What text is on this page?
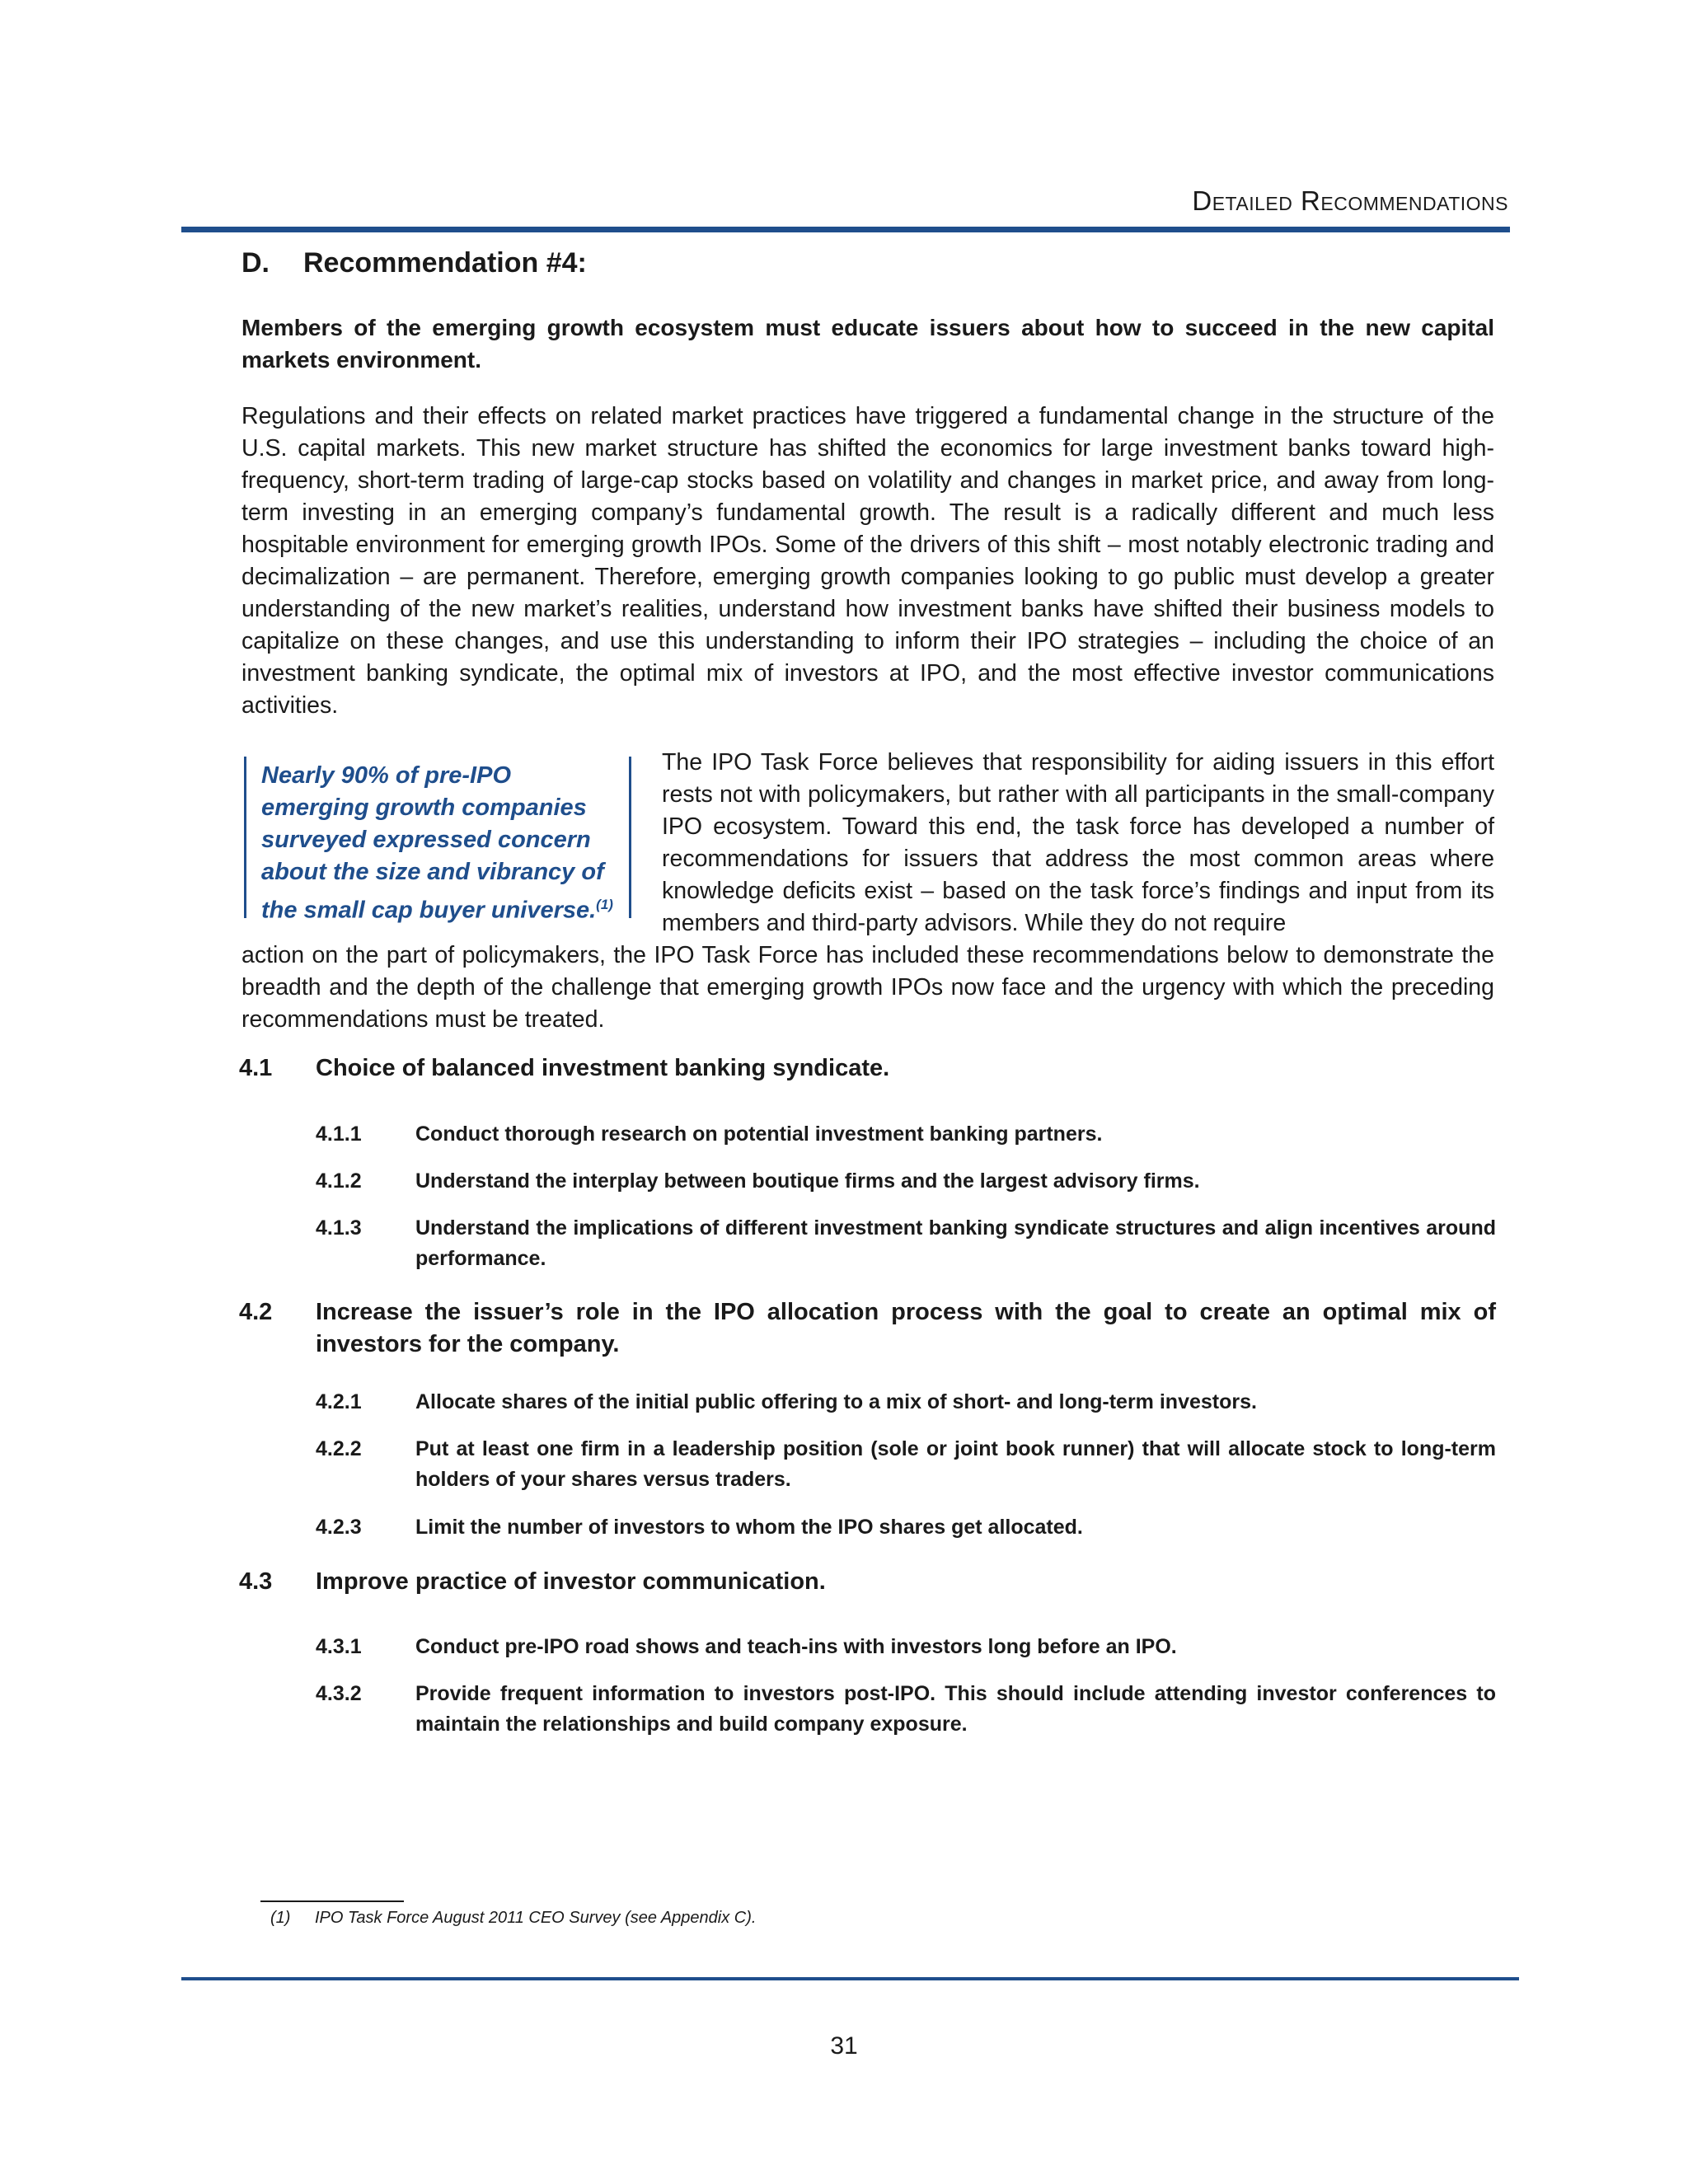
Detailed Recommendations
D. Recommendation #4:
Members of the emerging growth ecosystem must educate issuers about how to succeed in the new capital markets environment.
Regulations and their effects on related market practices have triggered a fundamental change in the structure of the U.S. capital markets. This new market structure has shifted the economics for large investment banks toward high-frequency, short-term trading of large-cap stocks based on volatility and changes in market price, and away from long-term investing in an emerging company’s fundamental growth. The result is a radically different and much less hospitable environment for emerging growth IPOs. Some of the drivers of this shift – most notably electronic trading and decimalization – are permanent. Therefore, emerging growth companies looking to go public must develop a greater understanding of the new market’s realities, understand how investment banks have shifted their business models to capitalize on these changes, and use this understanding to inform their IPO strategies – including the choice of an investment banking syndicate, the optimal mix of investors at IPO, and the most effective investor communications activities.
Nearly 90% of pre-IPO emerging growth companies surveyed expressed concern about the size and vibrancy of the small cap buyer universe.$^{(1)}$
The IPO Task Force believes that responsibility for aiding issuers in this effort rests not with policymakers, but rather with all participants in the small-company IPO ecosystem. Toward this end, the task force has developed a number of recommendations for issuers that address the most common areas where knowledge deficits exist – based on the task force’s findings and input from its members and third-party advisors. While they do not require
action on the part of policymakers, the IPO Task Force has included these recommendations below to demonstrate the breadth and the depth of the challenge that emerging growth IPOs now face and the urgency with which the preceding recommendations must be treated.
4.1 Choice of balanced investment banking syndicate.
4.1.1	Conduct thorough research on potential investment banking partners.
4.1.2	Understand the interplay between boutique firms and the largest advisory firms.
4.1.3	Understand the implications of different investment banking syndicate structures and align incentives around performance.
4.2 Increase the issuer’s role in the IPO allocation process with the goal to create an optimal mix of investors for the company.
4.2.1	Allocate shares of the initial public offering to a mix of short- and long-term investors.
4.2.2	Put at least one firm in a leadership position (sole or joint book runner) that will allocate stock to long-term holders of your shares versus traders.
4.2.3	Limit the number of investors to whom the IPO shares get allocated.
4.3 Improve practice of investor communication.
4.3.1	Conduct pre-IPO road shows and teach-ins with investors long before an IPO.
4.3.2	Provide frequent information to investors post-IPO. This should include attending investor conferences to maintain the relationships and build company exposure.
(1) IPO Task Force August 2011 CEO Survey (see Appendix C).
31
